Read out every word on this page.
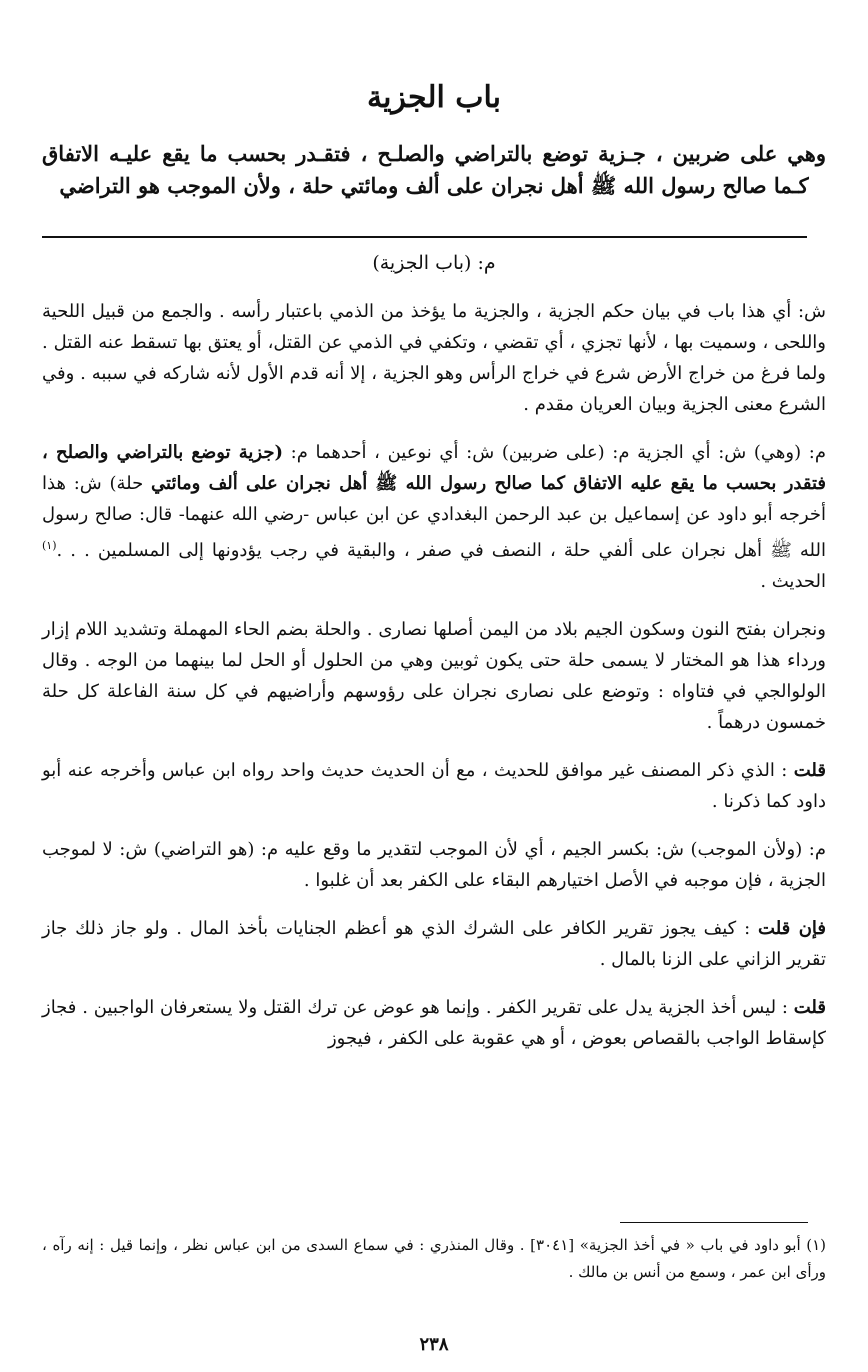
باب الجزية

وهي على ضربين ، جـزية توضع بالتراضي والصلـح ، فتقـدر بحسب ما يقع عليـه الاتفاق كـما صالح رسول الله ﷺ أهل نجران على ألف ومائتي حلة ، ولأن الموجب هو التراضي

م: (باب الجزية)

ش: أي هذا باب في بيان حكم الجزية ، والجزية ما يؤخذ من الذمي باعتبار رأسه . والجمع من قبيل اللحية واللحى ، وسميت بها ، لأنها تجزي ، أي تقضي ، وتكفي في الذمي عن القتل، أو يعتق بها تسقط عنه القتل . ولما فرغ من خراج الأرض شرع في خراج الرأس وهو الجزية ، إلا أنه قدم الأول لأنه شاركه في سببه . وفي الشرع معنى الجزية وبيان العريان مقدم .

م: (وهي) ش: أي الجزية م: (على ضربين) ش: أي نوعين ، أحدهما م: (جزية توضع بالتراضي والصلح ، فتقدر بحسب ما يقع عليه الاتفاق كما صالح رسول الله ﷺ أهل نجران على ألف ومائتي حلة) ش: هذا أخرجه أبو داود عن إسماعيل بن عبد الرحمن البغدادي عن ابن عباس -رضي الله عنهما- قال: صالح رسول الله ﷺ أهل نجران على ألفي حلة ، النصف في صفر ، والبقية في رجب يؤدونها إلى المسلمين . . .$^{(١)}$ الحديث .

ونجران بفتح النون وسكون الجيم بلاد من اليمن أصلها نصارى . والحلة بضم الحاء المهملة وتشديد اللام إزار ورداء هذا هو المختار لا يسمى حلة حتى يكون ثوبين وهي من الحلول أو الحل لما بينهما من الوجه . وقال الولوالجي في فتاواه : وتوضع على نصارى نجران على رؤوسهم وأراضيهم في كل سنة الفاعلة كل حلة خمسون درهماً .

قلت : الذي ذكر المصنف غير موافق للحديث ، مع أن الحديث حديث واحد رواه ابن عباس وأخرجه عنه أبو داود كما ذكرنا .

م: (ولأن الموجب) ش: بكسر الجيم ، أي لأن الموجب لتقدير ما وقع عليه م: (هو التراضي) ش: لا لموجب الجزية ، فإن موجبه في الأصل اختيارهم البقاء على الكفر بعد أن غلبوا .

فإن قلت : كيف يجوز تقرير الكافر على الشرك الذي هو أعظم الجنايات بأخذ المال . ولو جاز ذلك جاز تقرير الزاني على الزنا بالمال .

قلت : ليس أخذ الجزية يدل على تقرير الكفر . وإنما هو عوض عن ترك القتل ولا يستعرفان الواجبين . فجاز كإسقاط الواجب بالقصاص بعوض ، أو هي عقوبة على الكفر ، فيجوز

(١) أبو داود في باب « في أخذ الجزية» [٣٠٤١] . وقال المنذري : في سماع السدى من ابن عباس نظر ، وإنما قيل : إنه رآه ، ورأى ابن عمر ، وسمع من أنس بن مالك .

٢٣٨
